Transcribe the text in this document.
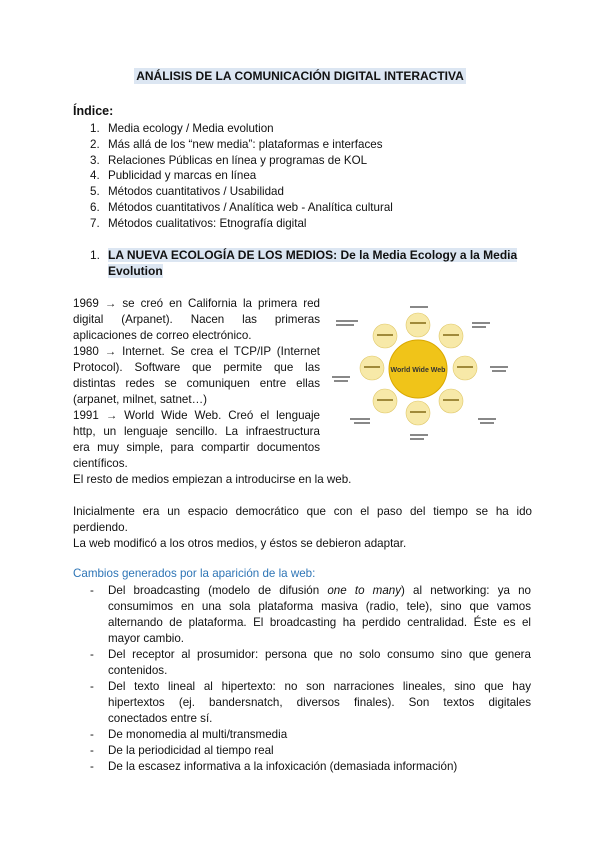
ANÁLISIS DE LA COMUNICACIÓN DIGITAL INTERACTIVA
Índice:
1. Media ecology / Media evolution
2. Más allá de los “new media”: plataformas e interfaces
3. Relaciones Públicas en línea y programas de KOL
4. Publicidad y marcas en línea
5. Métodos cuantitativos / Usabilidad
6. Métodos cuantitativos / Analítica web - Analítica cultural
7. Métodos cualitativos: Etnografía digital
1. LA NUEVA ECOLOGÍA DE LOS MEDIOS: De la Media Ecology a la Media
Evolution
1969 → se creó en California la primera red
digital (Arpanet). Nacen las primeras
aplicaciones de correo electrónico.
1980 → Internet. Se crea el TCP/IP (Internet
Protocol). Software que permite que las
distintas redes se comuniquen entre ellas
(arpanet, milnet, satnet…)
1991 → World Wide Web. Creó el lenguaje
http, un lenguaje sencillo. La infraestructura
era muy simple, para compartir documentos
científicos.
El resto de medios empiezan a introducirse en la web.
Inicialmente era un espacio democrático que con el paso del tiempo se ha ido
perdiendo.
La web modificó a los otros medios, y éstos se debieron adaptar.
World Wide Web
Cambios generados por la aparición de la web:
- Del broadcasting (modelo de difusión one to many) al networking: ya no
consumimos en una sola plataforma masiva (radio, tele), sino que vamos
alternando de plataforma. El broadcasting ha perdido centralidad. Éste es el
mayor cambio.
- Del receptor al prosumidor: persona que no solo consumo sino que genera
contenidos.
- Del texto lineal al hipertexto: no son narraciones lineales, sino que hay
hipertextos (ej. bandersnatch, diversos finales). Son textos digitales
conectados entre sí.
- De monomedia al multi/transmedia
- De la periodicidad al tiempo real
- De la escasez informativa a la infoxicación (demasiada información)
